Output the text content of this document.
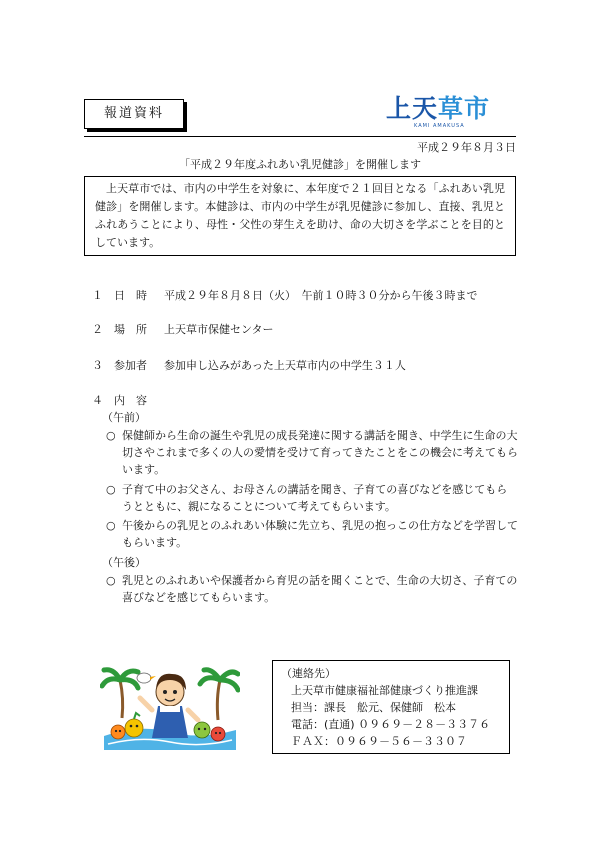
報道資料	上天草市
KAMI AMAKUSA
平成２９年８月３日
「平成２９年度ふれあい乳児健診」を開催します

上天草市では、市内の中学生を対象に、本年度で２１回目となる「ふれあい乳児健診」を開催します。本健診は、市内の中学生が乳児健診に参加し、直接、乳児とふれあうことにより、母性・父性の芽生えを助け、命の大切さを学ぶことを目的としています。

１ 日　時 平成２９年８月８日（火）　午前１０時３０分から午後３時まで
２ 場　所 上天草市保健センター
３ 参加者 参加申し込みがあった上天草市内の中学生３１人
４ 内　容
（午前）
○ 保健師から生命の誕生や乳児の成長発達に関する講話を聞き、中学生に生命の大切さやこれまで多くの人の愛情を受けて育ってきたことをこの機会に考えてもらいます。
○ 子育て中のお父さん、お母さんの講話を聞き、子育ての喜びなどを感じてもらうとともに、親になることについて考えてもらいます。
○ 午後からの乳児とのふれあい体験に先立ち、乳児の抱っこの仕方などを学習してもらいます。
（午後）
○ 乳児とのふれあいや保護者から育児の話を聞くことで、生命の大切さ、子育ての喜びなどを感じてもらいます。
（連絡先）
上天草市健康福祉部健康づくり推進課
担当：課長　舩元、保健師　松本
電話：(直通) ０９６９－２８－３３７６
ＦＡＸ：０９６９－５６－３３０７
